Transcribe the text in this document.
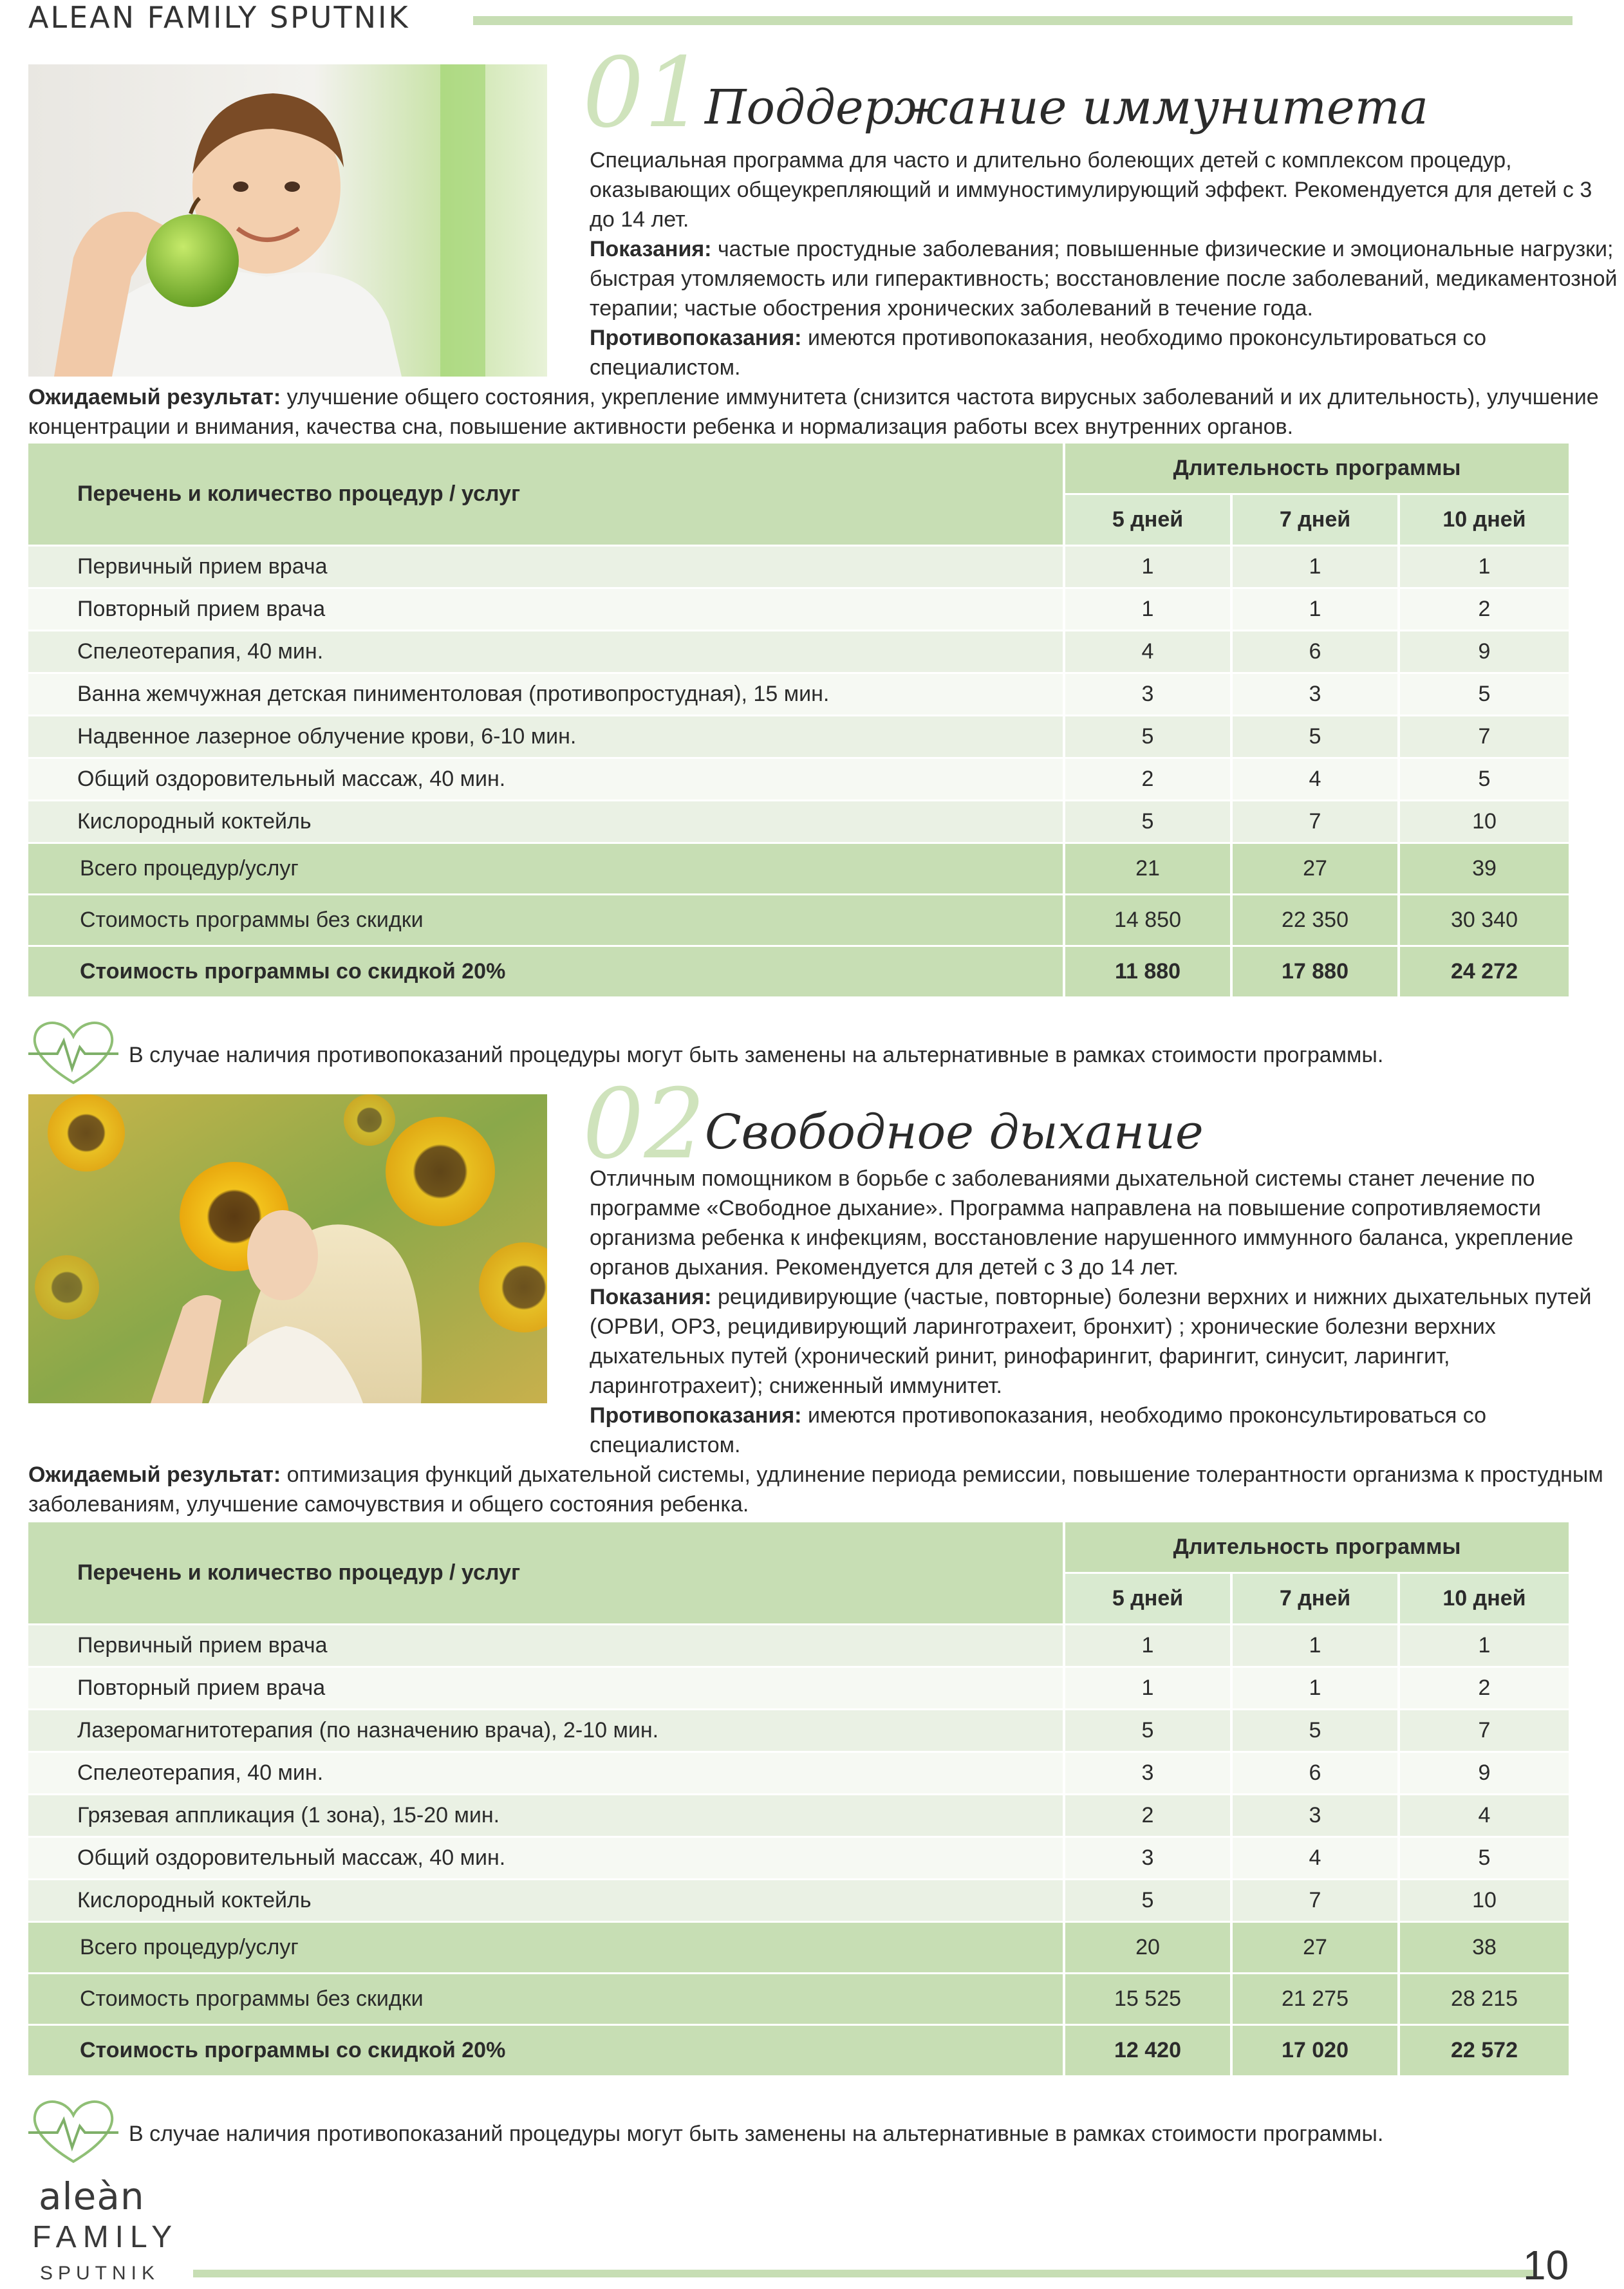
ALEAN FAMILY SPUTNIK
01 Поддержание иммунитета

Специальная программа для часто и длительно болеющих детей с комплексом процедур, оказывающих общеукрепляющий и иммуностимулирующий эффект. Рекомендуется для детей с 3 до 14 лет.

Показания: частые простудные заболевания; повышенные физические и эмоциональные нагрузки; быстрая утомляемость или гиперактивность; восстановление после заболеваний, медикаментозной терапии; частые обострения хронических заболеваний в течение года.

Противопоказания: имеются противопоказания, необходимо проконсультироваться со специалистом.

Ожидаемый результат: улучшение общего состояния, укрепление иммунитета (снизится частота вирусных заболеваний и их длительность), улучшение концентрации и внимания, качества сна, повышение активности ребенка и нормализация работы всех внутренних органов.

Перечень и количество процедур / услуг	Длительность программы		
	5 дней	7 дней	10 дней
Первичный прием врача	1	1	1
Повторный прием врача	1	1	2
Спелеотерапия, 40 мин.	4	6	9
Ванна жемчужная детская пиниментоловая (противопростудная), 15 мин.	3	3	5
Надвенное лазерное облучение крови, 6-10 мин.	5	5	7
Общий оздоровительный массаж, 40 мин.	2	4	5
Кислородный коктейль	5	7	10
Всего процедур/услуг	21	27	39
Стоимость программы без скидки	14 850	22 350	30 340
Стоимость программы со скидкой 20%	11 880	17 880	24 272
В случае наличия противопоказаний процедуры могут быть заменены на альтернативные в рамках стоимости программы.
02 Свободное дыхание

Отличным помощником в борьбе с заболеваниями дыхательной системы станет лечение по программе «Свободное дыхание». Программа направлена на повышение сопротивляемости организма ребенка к инфекциям, восстановление нарушенного иммунного баланса, укрепление органов дыхания. Рекомендуется для детей с 3 до 14 лет.

Показания: рецидивирующие (частые, повторные) болезни верхних и нижних дыхательных путей (ОРВИ, ОРЗ, рецидивирующий ларинготрахеит, бронхит) ; хронические болезни верхних дыхательных путей (хронический ринит, ринофарингит, фарингит, синусит, ларингит, ларинготрахеит); сниженный иммунитет.

Противопоказания: имеются противопоказания, необходимо проконсультироваться со специалистом.

Ожидаемый результат: оптимизация функций дыхательной системы, удлинение периода ремиссии, повышение толерантности организма к простудным заболеваниям, улучшение самочувствия и общего состояния ребенка.

Перечень и количество процедур / услуг	Длительность программы		
	5 дней	7 дней	10 дней
Первичный прием врача	1	1	1
Повторный прием врача	1	1	2
Лазеромагнитотерапия (по назначению врача), 2-10 мин.	5	5	7
Спелеотерапия, 40 мин.	3	6	9
Грязевая аппликация (1 зона), 15-20 мин.	2	3	4
Общий оздоровительный массаж, 40 мин.	3	4	5
Кислородный коктейль	5	7	10
Всего процедур/услуг	20	27	38
Стоимость программы без скидки	15 525	21 275	28 215
Стоимость программы со скидкой 20%	12 420	17 020	22 572
В случае наличия противопоказаний процедуры могут быть заменены на альтернативные в рамках стоимости программы.
aleàn
FAMILY
SPUTNIK	10
